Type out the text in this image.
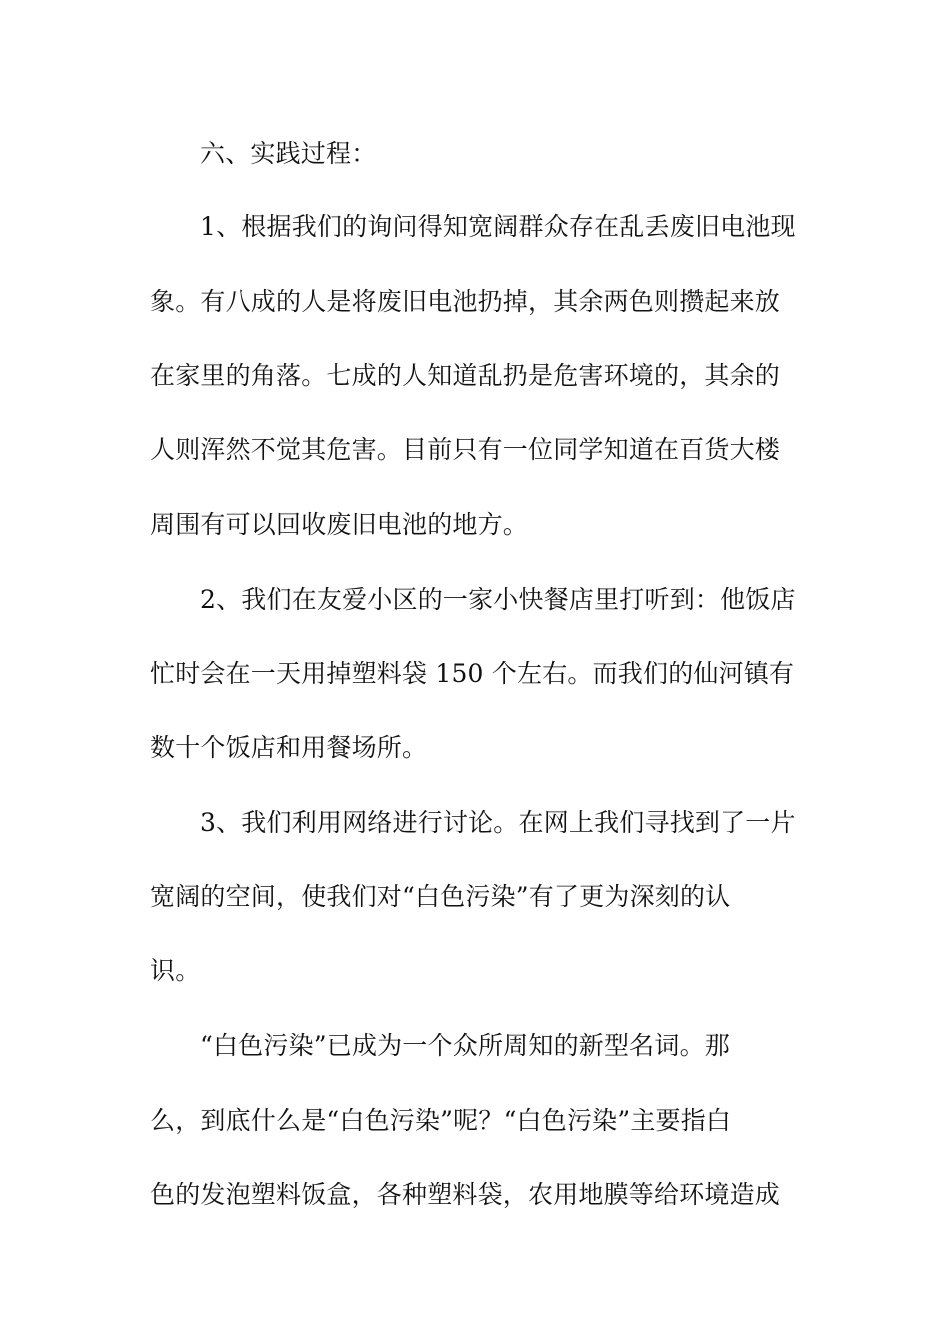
六、实践过程：
1、根据我们的询问得知宽阔群众存在乱丢废旧电池现
象。有八成的人是将废旧电池扔掉，其余两色则攒起来放
在家里的角落。七成的人知道乱扔是危害环境的，其余的
人则浑然不觉其危害。目前只有一位同学知道在百货大楼
周围有可以回收废旧电池的地方。
2、我们在友爱小区的一家小快餐店里打听到：他饭店
忙时会在一天用掉塑料袋 150 个左右。而我们的仙河镇有
数十个饭店和用餐场所。
3、我们利用网络进行讨论。在网上我们寻找到了一片
宽阔的空间，使我们对“白色污染”有了更为深刻的认
识。
“白色污染”已成为一个众所周知的新型名词。那
么，到底什么是“白色污染”呢？“白色污染”主要指白
色的发泡塑料饭盒，各种塑料袋，农用地膜等给环境造成
